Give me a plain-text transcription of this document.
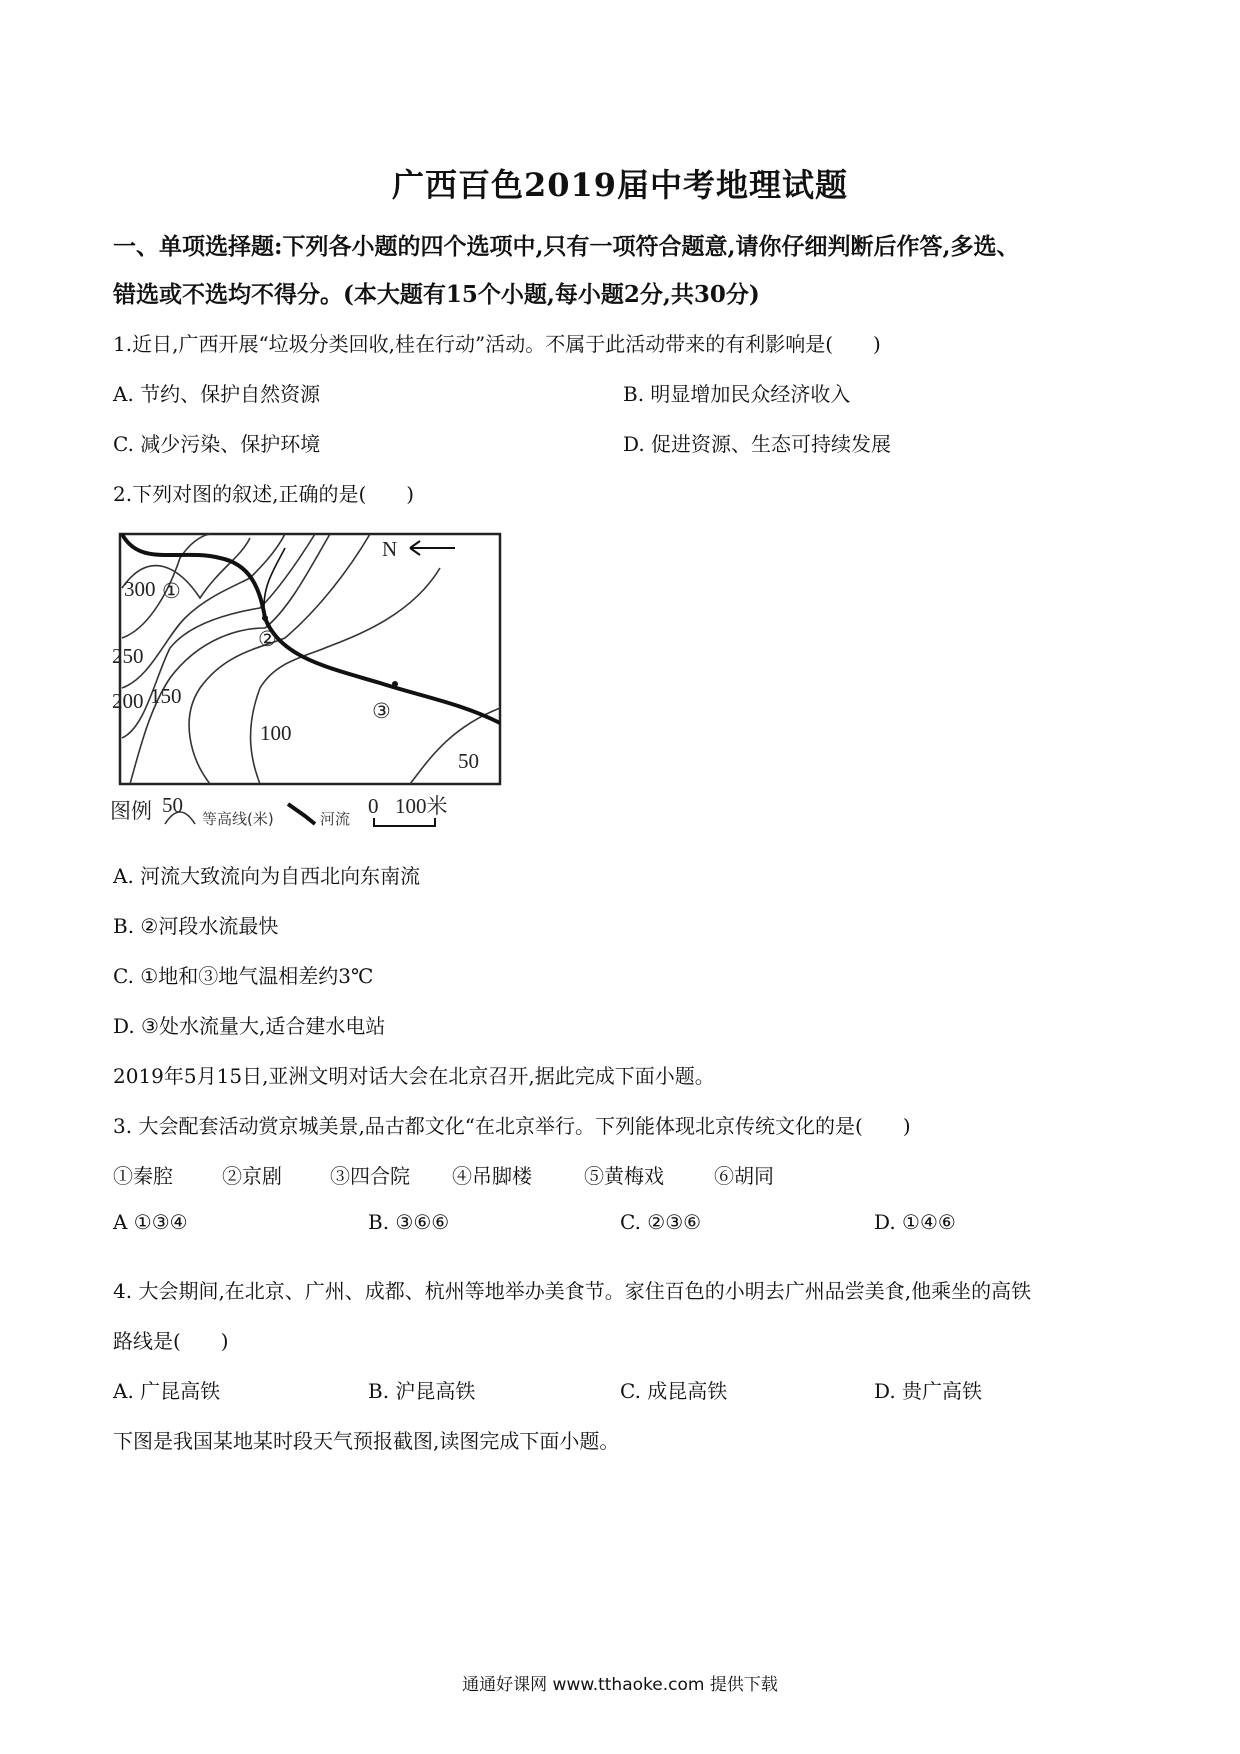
广西百色2019届中考地理试题
一、单项选择题:下列各小题的四个选项中,只有一项符合题意,请你仔细判断后作答,多选、
错选或不选均不得分。(本大题有15个小题,每小题2分,共30分)
1.近日,广西开展“垃圾分类回收,桂在行动”活动。不属于此活动带来的有利影响是(　　)
A. 节约、保护自然资源	B. 明显增加民众经济收入
C. 减少污染、保护环境	D. 促进资源、生态可持续发展
2.下列对图的叙述,正确的是(　　)
N
①
②
③
300
250
200 150
100
50
图例 50
等高线(米)	河流
0 100米
A. 河流大致流向为自西北向东南流
B. ②河段水流最快
C. ①地和③地气温相差约3℃
D. ③处水流量大,适合建水电站
2019年5月15日,亚洲文明对话大会在北京召开,据此完成下面小题。
3. 大会配套活动赏京城美景,品古都文化“在北京举行。下列能体现北京传统文化的是(　　)
①秦腔 ②京剧 ③四合院 ④吊脚楼	⑤黄梅戏	⑥胡同
A ①③④	B. ③⑥⑥	C. ②③⑥	D. ①④⑥
4. 大会期间,在北京、广州、成都、杭州等地举办美食节。家住百色的小明去广州品尝美食,他乘坐的高铁
路线是(　　)
A. 广昆高铁	B. 沪昆高铁	C. 成昆高铁	D. 贵广高铁
下图是我国某地某时段天气预报截图,读图完成下面小题。
通通好课网 www.tthaoke.com 提供下载
